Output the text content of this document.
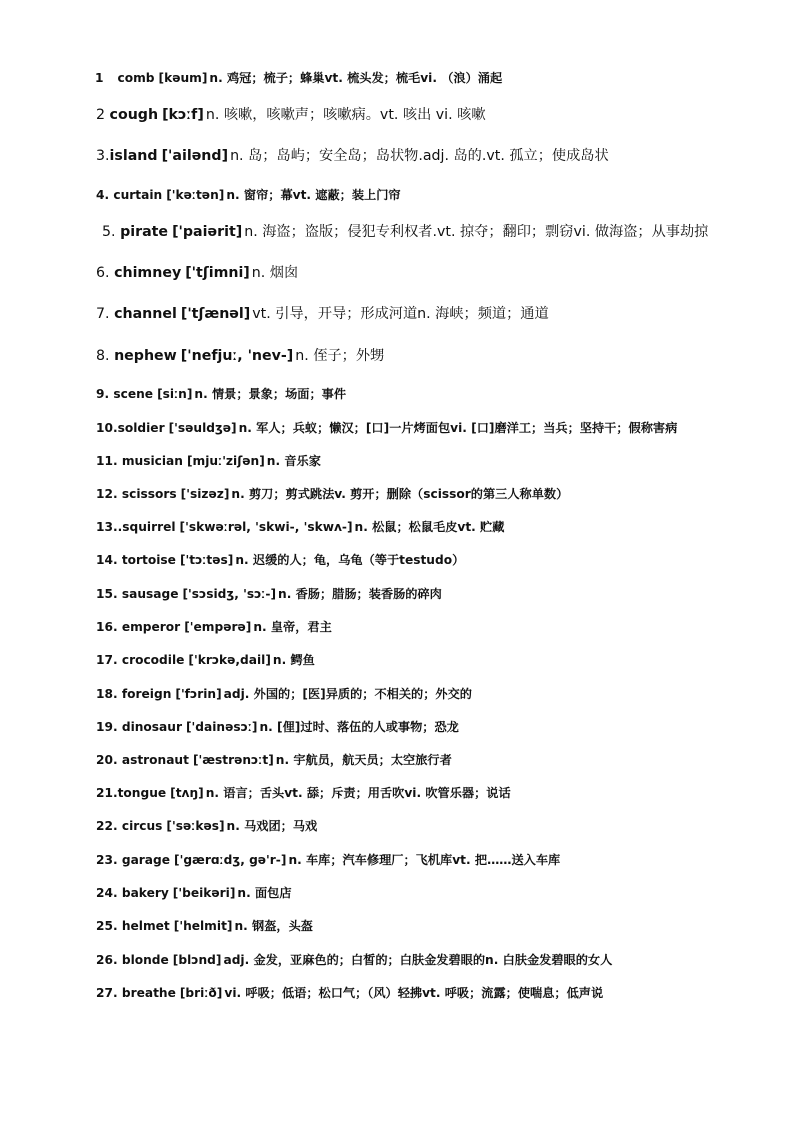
1 comb [kəum] n. 鸡冠；梳子；蜂巢vt. 梳头发；梳毛vi. （浪）涌起
2 cough [kɔːf] n. 咳嗽，咳嗽声；咳嗽病。vt. 咳出 vi. 咳嗽
3.island ['ailənd] n. 岛；岛屿；安全岛；岛状物.adj. 岛的.vt. 孤立；使成岛状
4. curtain ['kəːtən] n. 窗帘；幕vt. 遮蔽；装上门帘
5. pirate ['paiərit] n. 海盗；盗版；侵犯专利权者.vt. 掠夺；翻印；剽窃vi. 做海盗；从事劫掠
6. chimney ['tʃimni] n. 烟囱
7. channel ['tʃænəl] vt. 引导，开导；形成河道n. 海峡；频道；通道
8. nephew ['nefjuː, 'nev-] n. 侄子；外甥
9. scene [siːn] n. 情景；景象；场面；事件
10.soldier ['səuldʒə] n. 军人；兵蚁；懒汉；[口]一片烤面包vi. [口]磨洋工；当兵；坚持干；假称害病
11. musician [mjuː'ziʃən] n. 音乐家
12. scissors ['sizəz] n. 剪刀；剪式跳法v. 剪开；删除（scissor的第三人称单数）
13..squirrel ['skwəːrəl, 'skwi-, 'skwʌ-] n. 松鼠；松鼠毛皮vt. 贮藏
14. tortoise ['tɔːtəs] n. 迟缓的人；龟，乌龟（等于testudo）
15. sausage ['sɔsidʒ, 'sɔː-] n. 香肠；腊肠；装香肠的碎肉
16. emperor ['empərə] n. 皇帝，君主
17. crocodile ['krɔkə,dail] n. 鳄鱼
18. foreign ['fɔrin] adj. 外国的；[医]异质的；不相关的；外交的
19. dinosaur ['dainəsɔː] n. [俚]过时、落伍的人或事物；恐龙
20. astronaut ['æstrənɔːt] n. 宇航员，航天员；太空旅行者
21.tongue [tʌŋ] n. 语言；舌头vt. 舔；斥责；用舌吹vi. 吹管乐器；说话
22. circus ['səːkəs] n. 马戏团；马戏
23. garage ['gærɑːdʒ, gə'r-] n. 车库；汽车修理厂；飞机库vt. 把……送入车库
24. bakery ['beikəri] n. 面包店
25. helmet ['helmit] n. 钢盔，头盔
26. blonde [blɔnd] adj. 金发，亚麻色的；白皙的；白肤金发碧眼的n. 白肤金发碧眼的女人
27. breathe [briːð] vi. 呼吸；低语；松口气；（风）轻拂vt. 呼吸；流露；使喘息；低声说
